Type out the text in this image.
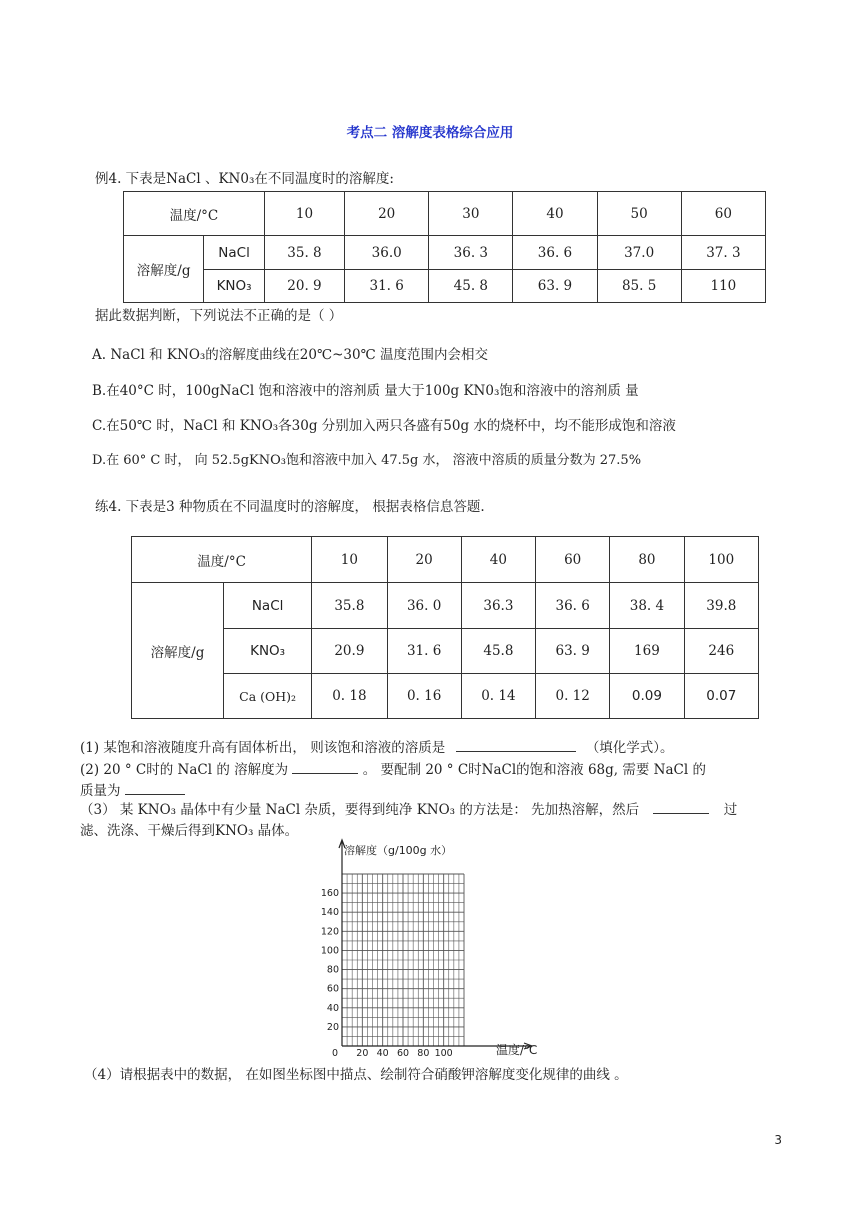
考点二 溶解度表格综合应用
例4. 下表是NaCl 、KN0₃在不同温度时的溶解度:
温度/°C		10	20	30	40	50	60
溶解度/g	NaCl	35. 8	36.0	36. 3	36. 6	37.0	37. 3
	KNO₃	20. 9	31. 6	45. 8	63. 9	85. 5	110
据此数据判断，下列说法不正确的是（ ）
A. NaCl 和 KNO₃的溶解度曲线在20℃~30℃ 温度范围内会相交
B.在40°C 时，100gNaCl 饱和溶液中的溶剂质 量大于100g KN0₃饱和溶液中的溶剂质 量
C.在50℃ 时，NaCl 和 KNO₃各30g 分别加入两只各盛有50g 水的烧杯中，均不能形成饱和溶液
D.在 60° C 时， 向 52.5gKNO₃饱和溶液中加入 47.5g 水， 溶液中溶质的质量分数为 27.5%
练4. 下表是3 种物质在不同温度时的溶解度， 根据表格信息答题.
温度/°C		10	20	40	60	80	100
溶解度/g	NaCl	35.8	36. 0	36.3	36. 6	38. 4	39.8
	KNO₃	20.9	31. 6	45.8	63. 9	169	246
	Ca (OH)₂	0. 18	0. 16	0. 14	0. 12	0.09	0.07
(1) 某饱和溶液随度升高有固体析出， 则该饱和溶液的溶质是	（填化学式）。
(2) 20 ° C时的 NaCl 的 溶解度为	。 要配制 20 ° C时NaCl的饱和溶液 68g, 需要 NaCl 的
质量为
（3） 某 KNO₃ 晶体中有少量 NaCl 杂质，要得到纯净 KNO₃ 的方法是： 先加热溶解，然后	过
滤、洗涤、干燥后得到KNO₃ 晶体。
溶解度（g/100g 水）
温度/℃
0 20 40 60 80 100
20
40
60
80
100
120
140
160
（4）请根据表中的数据， 在如图坐标图中描点、绘制符合硝酸钾溶解度变化规律的曲线 。
3
